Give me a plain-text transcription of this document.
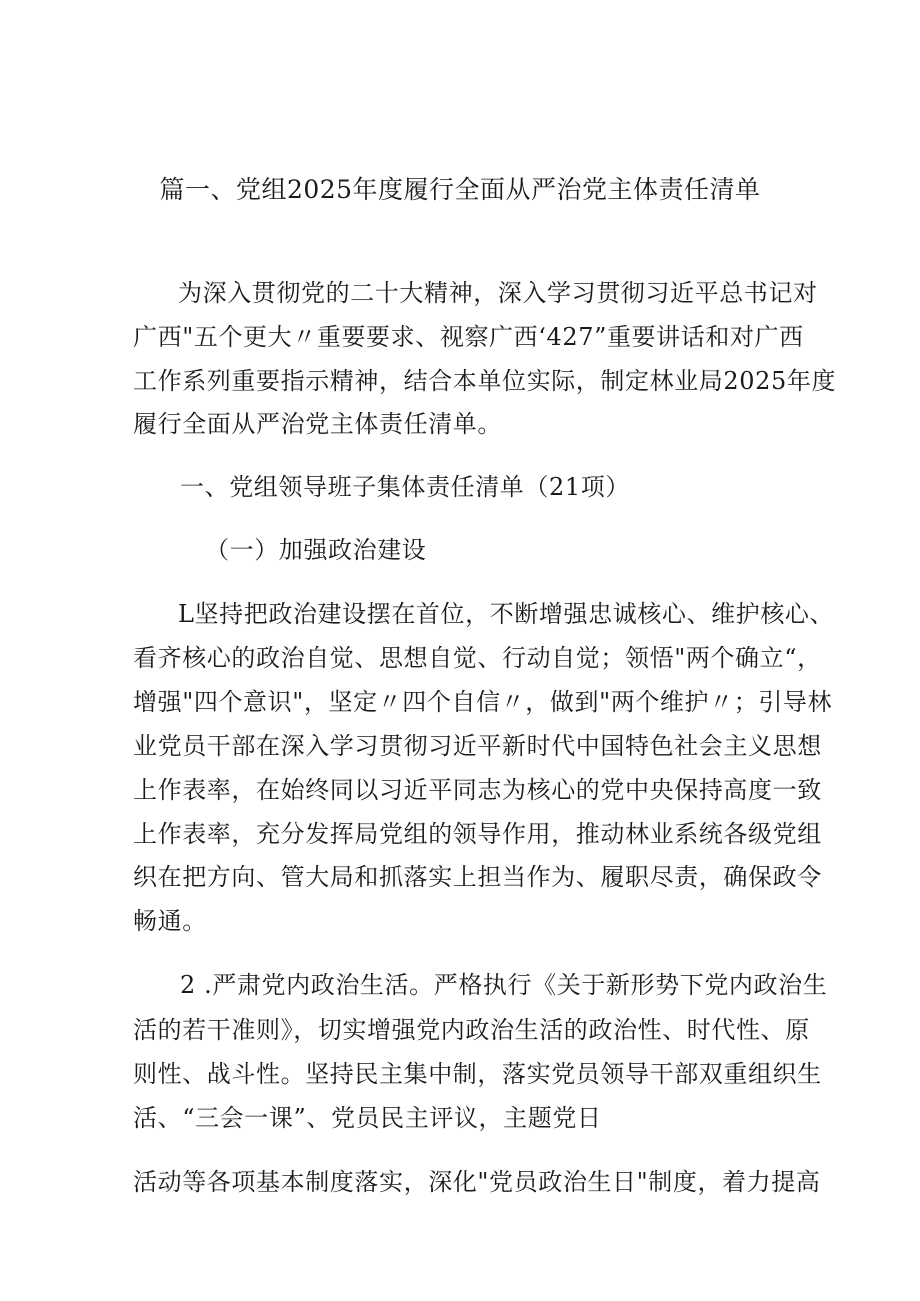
篇一、党组2025年度履行全面从严治党主体责任清单
为深入贯彻党的二十大精神，深入学习贯彻习近平总书记对
广西"五个更大〃重要要求、视察广西‘427”重要讲话和对广西
工作系列重要指示精神，结合本单位实际，制定林业局2025年度
履行全面从严治党主体责任清单。
一、党组领导班子集体责任清单（21项）
（一）加强政治建设
L坚持把政治建设摆在首位，不断增强忠诚核心、维护核心、
看齐核心的政治自觉、思想自觉、行动自觉；领悟"两个确立“，
增强"四个意识"，坚定〃四个自信〃，做到"两个维护〃；引导林
业党员干部在深入学习贯彻习近平新时代中国特色社会主义思想
上作表率，在始终同以习近平同志为核心的党中央保持高度一致
上作表率，充分发挥局党组的领导作用，推动林业系统各级党组
织在把方向、管大局和抓落实上担当作为、履职尽责，确保政令
畅通。
2 .严肃党内政治生活。严格执行《关于新形势下党内政治生
活的若干准则》，切实增强党内政治生活的政治性、时代性、原
则性、战斗性。坚持民主集中制，落实党员领导干部双重组织生
活、“三会一课”、党员民主评议，主题党日
活动等各项基本制度落实，深化"党员政治生日"制度，着力提高
